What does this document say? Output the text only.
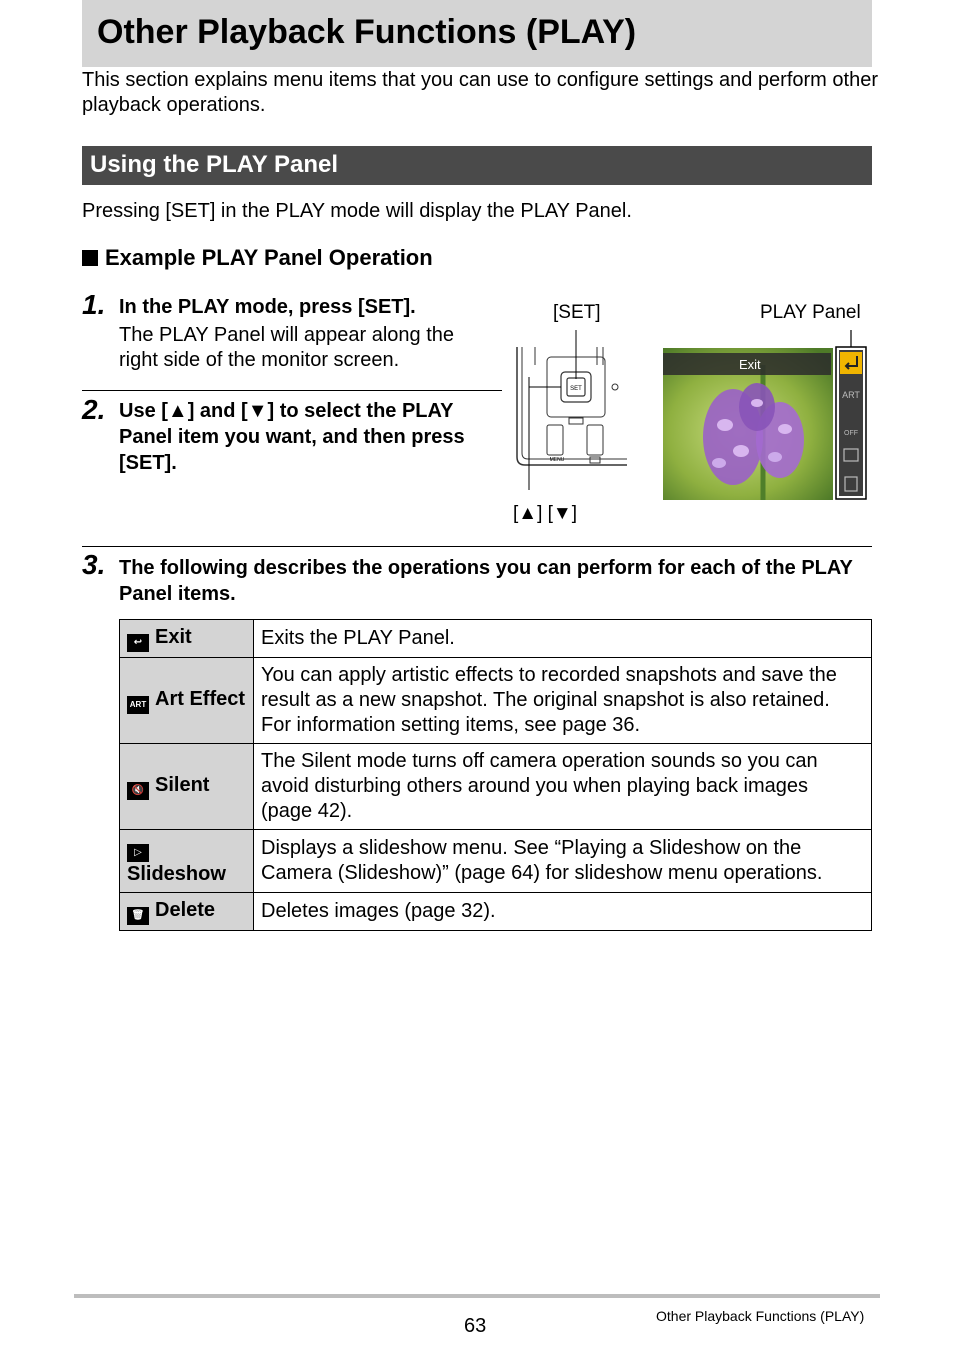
Other Playback Functions (PLAY)
This section explains menu items that you can use to configure settings and perform other playback operations.
Using the PLAY Panel
Pressing [SET] in the PLAY mode will display the PLAY Panel.
Example PLAY Panel Operation
1. In the PLAY mode, press [SET].
The PLAY Panel will appear along the right side of the monitor screen.
2. Use [▲] and [▼] to select the PLAY Panel item you want, and then press [SET].
[SET]	PLAY Panel
[▲] [▼]
SET
MENU
Exit
ART
OFF
3. The following describes the operations you can perform for each of the PLAY Panel items.
↩ Exit	Exits the PLAY Panel.
ART Art Effect	You can apply artistic effects to recorded snapshots and save the result as a new snapshot. The original snapshot is also retained. For information setting items, see page 36.
🔇 Silent	The Silent mode turns off camera operation sounds so you can avoid disturbing others around you when playing back images (page 42).
▷
Slideshow	Displays a slideshow menu. See “Playing a Slideshow on the Camera (Slideshow)” (page 64) for slideshow menu operations.
🗑 Delete	Deletes images (page 32).
63	Other Playback Functions (PLAY)
